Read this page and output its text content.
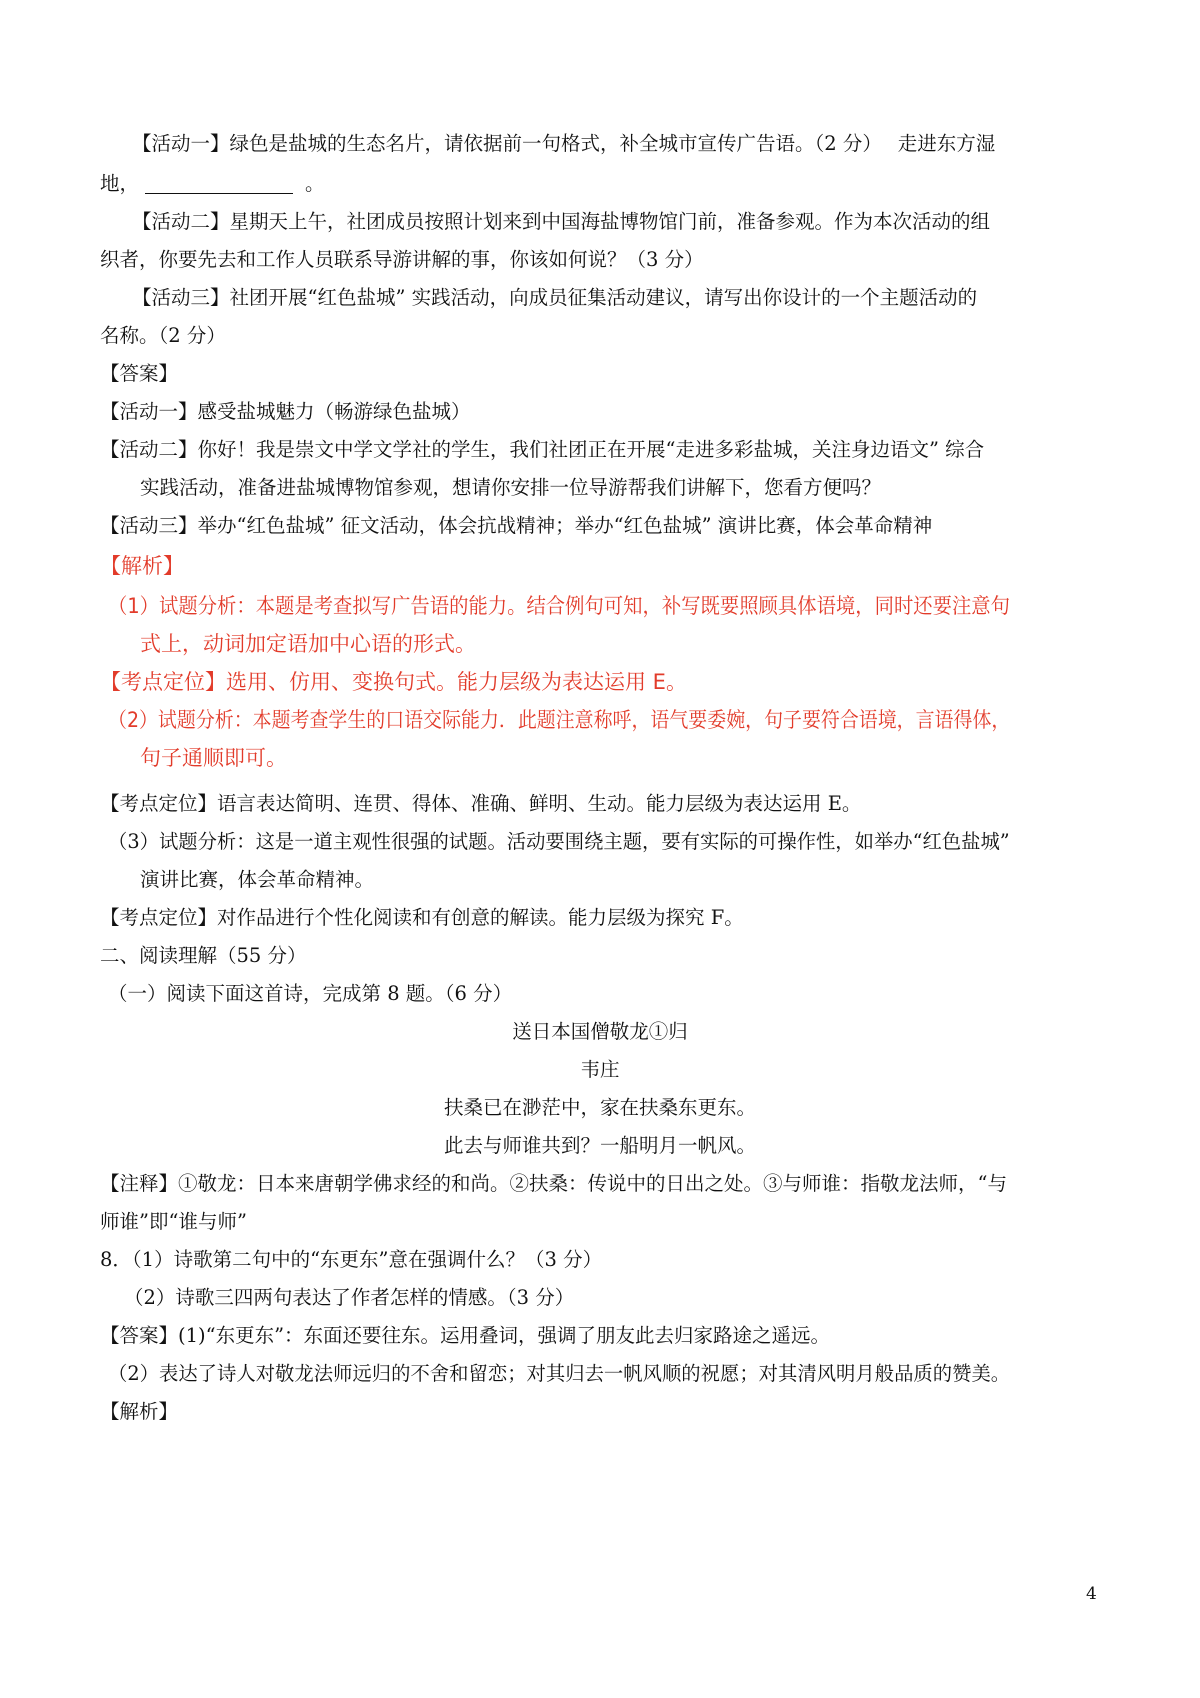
【活动一】绿色是盐城的生态名片，请依据前一句格式，补全城市宣传广告语。（2 分）　 走进东方湿
地，	。
【活动二】星期天上午，社团成员按照计划来到中国海盐博物馆门前，准备参观。作为本次活动的组
织者，你要先去和工作人员联系导游讲解的事，你该如何说？（3 分）
【活动三】社团开展“红色盐城” 实践活动，向成员征集活动建议，请写出你设计的一个主题活动的
名称。（2 分）
【答案】
【活动一】感受盐城魅力（畅游绿色盐城）
【活动二】你好！我是崇文中学文学社的学生，我们社团正在开展“走进多彩盐城，关注身边语文” 综合
实践活动，准备进盐城博物馆参观，想请你安排一位导游帮我们讲解下，您看方便吗？
【活动三】举办“红色盐城” 征文活动，体会抗战精神；举办“红色盐城” 演讲比赛，体会革命精神
【解析】
（1）试题分析：本题是考查拟写广告语的能力。结合例句可知，补写既要照顾具体语境，同时还要注意句
式上，动词加定语加中心语的形式。
【考点定位】选用、仿用、变换句式。能力层级为表达运用 E。
（2）试题分析：本题考查学生的口语交际能力．此题注意称呼，语气要委婉，句子要符合语境，言语得体，
句子通顺即可。
【考点定位】语言表达简明、连贯、得体、准确、鲜明、生动。能力层级为表达运用 E。
（3）试题分析：这是一道主观性很强的试题。活动要围绕主题，要有实际的可操作性，如举办“红色盐城”
演讲比赛，体会革命精神。
【考点定位】对作品进行个性化阅读和有创意的解读。能力层级为探究 F。
二、阅读理解（55 分）
（一）阅读下面这首诗，完成第 8 题。（6 分）
送日本国僧敬龙①归
韦庄
扶桑已在渺茫中，家在扶桑东更东。
此去与师谁共到？一船明月一帆风。
【注释】①敬龙：日本来唐朝学佛求经的和尚。②扶桑：传说中的日出之处。③与师谁：指敬龙法师，“与
师谁”即“谁与师”
8．（1）诗歌第二句中的“东更东”意在强调什么？（3 分）
（2）诗歌三四两句表达了作者怎样的情感。（3 分）
【答案】(1)“东更东”：东面还要往东。运用叠词，强调了朋友此去归家路途之遥远。
（2）表达了诗人对敬龙法师远归的不舍和留恋；对其归去一帆风顺的祝愿；对其清风明月般品质的赞美。
【解析】
4
